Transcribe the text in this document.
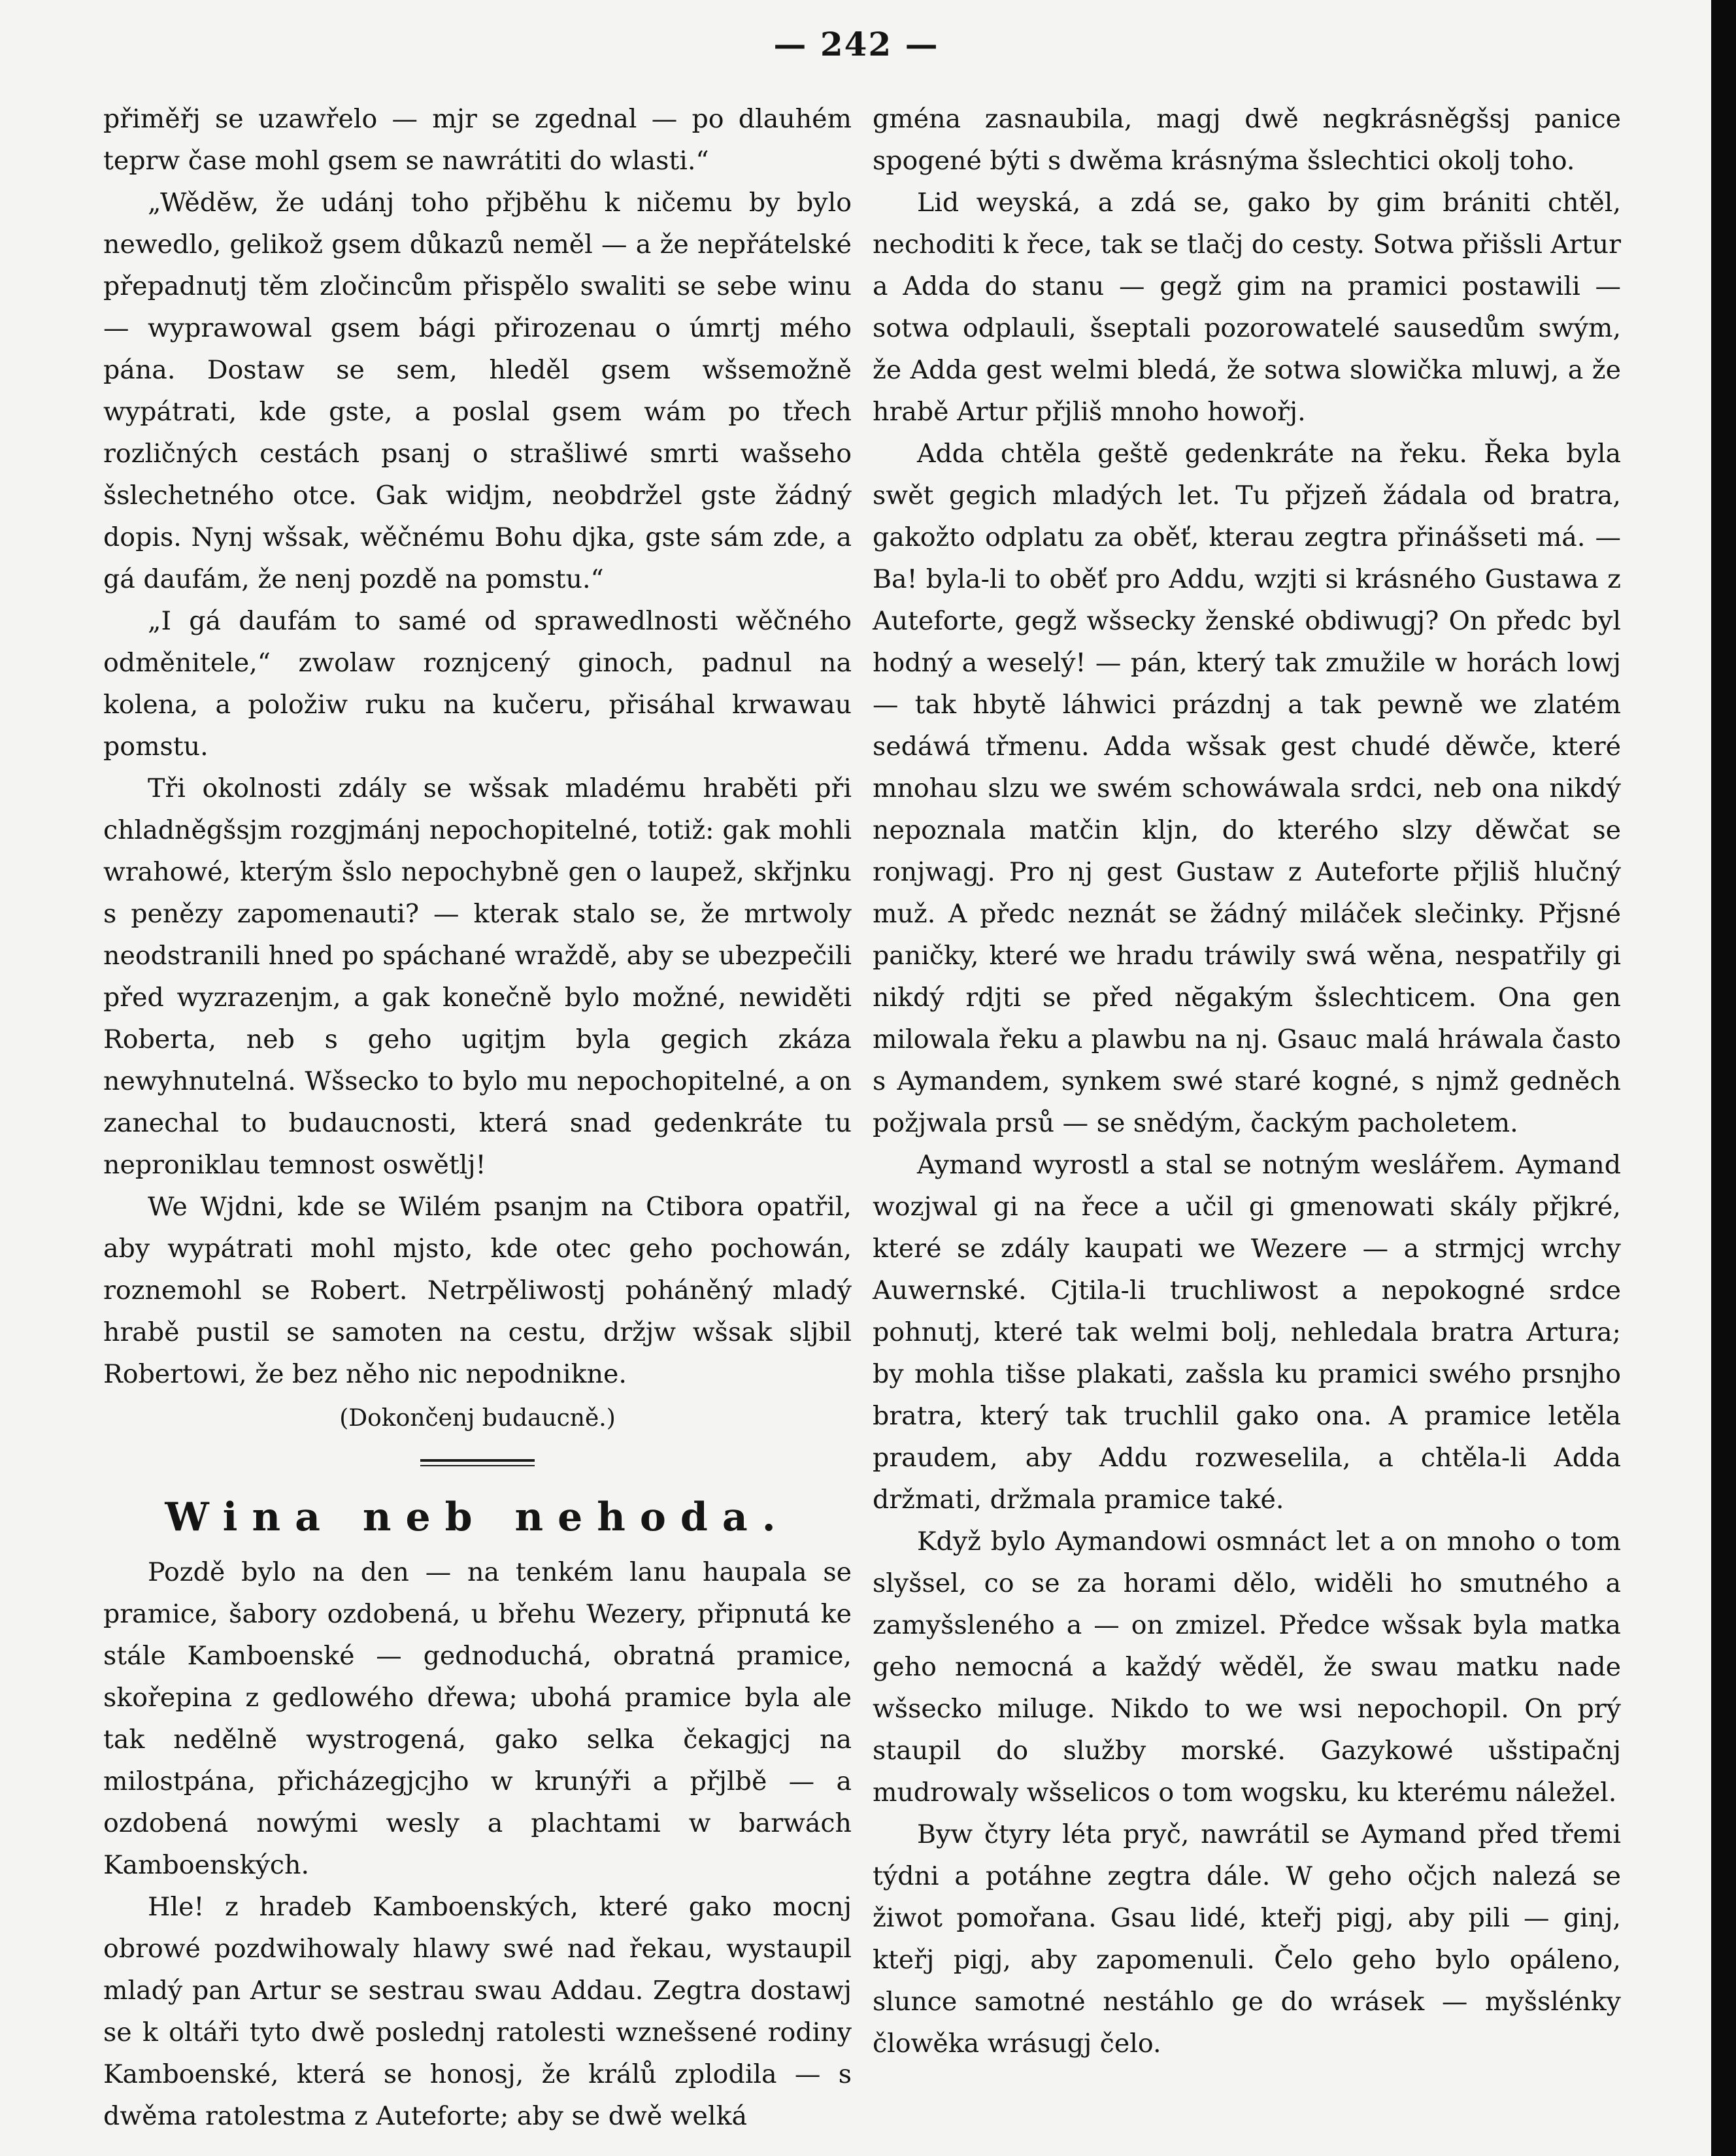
— 242 —

přiměřj se uzawřelo — mjr se zgednal — po dlauhém teprw čase mohl gsem se nawrátiti do wlasti.“

„Wědĕw, že udánj toho přjběhu k ničemu by bylo newedlo, gelikož gsem důkazů neměl — a že nepřátelské přepadnutj těm zločincům přispělo swaliti se sebe winu — wyprawowal gsem bági přirozenau o úmrtj mého pána. Dostaw se sem, hleděl gsem wšsemožně wypátrati, kde gste, a poslal gsem wám po třech rozličných cestách psanj o strašliwé smrti wašseho šslechetného otce. Gak widjm, neobdržel gste žádný dopis. Nynj wšsak, wěčnému Bohu djka, gste sám zde, a gá daufám, že nenj pozdě na pomstu.“

„I gá daufám to samé od sprawedlnosti wěčného odměnitele,“ zwolaw roznjcený ginoch, padnul na kolena, a položiw ruku na kučeru, přisáhal krwawau pomstu.

Tři okolnosti zdály se wšsak mladému hraběti při chladněgšsjm rozgjmánj nepochopitelné, totiž: gak mohli wrahowé, kterým šslo nepochybně gen o laupež, skřjnku s penězy zapomenauti? — kterak stalo se, že mrtwoly neodstranili hned po spáchané wraždě, aby se ubezpečili před wyzrazenjm, a gak konečně bylo možné, newiděti Roberta, neb s geho ugitjm byla gegich zkáza newyhnutelná. Wšsecko to bylo mu nepochopitelné, a on zanechal to budaucnosti, která snad gedenkráte tu neproniklau temnost oswětlj!

We Wjdni, kde se Wilém psanjm na Ctibora opatřil, aby wypátrati mohl mjsto, kde otec geho pochowán, roznemohl se Robert. Netrpěliwostj poháněný mladý hrabě pustil se samoten na cestu, držjw wšsak sljbil Robertowi, že bez něho nic nepodnikne.

(Dokončenj budaucně.)
Wina neb nehoda.

Pozdě bylo na den — na tenkém lanu haupala se pramice, šabory ozdobená, u břehu Wezery, připnutá ke stále Kamboenské — gednoduchá, obratná pramice, skořepina z gedlowého dřewa; ubohá pramice byla ale tak nedělně wystrogená, gako selka čekagjcj na milostpána, přicházegjcjho w krunýři a přjlbě — a ozdobená nowými wesly a plachtami w barwách Kamboenských.

Hle! z hradeb Kamboenských, které gako mocnj obrowé pozdwihowaly hlawy swé nad řekau, wystaupil mladý pan Artur se sestrau swau Addau. Zegtra dostawj se k oltáři tyto dwě poslednj ratolesti wznešsené rodiny Kamboenské, která se honosj, že králů zplodila — s dwěma ratolestma z Auteforte; aby se dwě welká

gména zasnaubila, magj dwě negkrásněgšsj panice spogené býti s dwěma krásnýma šslechtici okolj toho.

Lid weyská, a zdá se, gako by gim brániti chtěl, nechoditi k řece, tak se tlačj do cesty. Sotwa přišsli Artur a Adda do stanu — gegž gim na pramici postawili — sotwa odplauli, šseptali pozorowatelé sausedům swým, že Adda gest welmi bledá, že sotwa slowička mluwj, a že hrabě Artur přjliš mnoho howořj.

Adda chtěla geště gedenkráte na řeku. Řeka byla swět gegich mladých let. Tu přjzeň žádala od bratra, gakožto odplatu za oběť, kterau zegtra přinášseti má. — Ba! byla-li to oběť pro Addu, wzjti si krásného Gustawa z Auteforte, gegž wšsecky ženské obdiwugj? On předc byl hodný a weselý! — pán, který tak zmužile w horách lowj — tak hbytě láhwici prázdnj a tak pewně we zlatém sedáwá třmenu. Adda wšsak gest chudé děwče, které mnohau slzu we swém schowáwala srdci, neb ona nikdý nepoznala matčin kljn, do kterého slzy děwčat se ronjwagj. Pro nj gest Gustaw z Auteforte přjliš hlučný muž. A předc neznát se žádný miláček slečinky. Přjsné paničky, které we hradu tráwily swá wěna, nespatřily gi nikdý rdjti se před nĕgakým šslechticem. Ona gen milowala řeku a plawbu na nj. Gsauc malá hráwala často s Aymandem, synkem swé staré kogné, s njmž gedněch požjwala prsů — se snědým, čackým pacholetem.

Aymand wyrostl a stal se notným weslářem. Aymand wozjwal gi na řece a učil gi gmenowati skály přjkré, které se zdály kaupati we Wezere — a strmjcj wrchy Auwernské. Cjtila-li truchliwost a nepokogné srdce pohnutj, které tak welmi bolj, nehledala bratra Artura; by mohla tišse plakati, zašsla ku pramici swého prsnjho bratra, který tak truchlil gako ona. A pramice letěla praudem, aby Addu rozweselila, a chtěla-li Adda držmati, držmala pramice také.

Když bylo Aymandowi osmnáct let a on mnoho o tom slyšsel, co se za horami dělo, widěli ho smutného a zamyšsleného a — on zmizel. Předce wšsak byla matka geho nemocná a každý wěděl, že swau matku nade wšsecko miluge. Nikdo to we wsi nepochopil. On prý staupil do služby morské. Gazykowé ušstipačnj mudrowaly wšselicos o tom wogsku, ku kterému náležel.

Byw čtyry léta pryč, nawrátil se Aymand před třemi týdni a potáhne zegtra dále. W geho očjch nalezá se žiwot pomořana. Gsau lidé, kteřj pigj, aby pili — ginj, kteřj pigj, aby zapomenuli. Čelo geho bylo opáleno, slunce samotné nestáhlo ge do wrásek — myšslénky člowěka wrásugj čelo.
